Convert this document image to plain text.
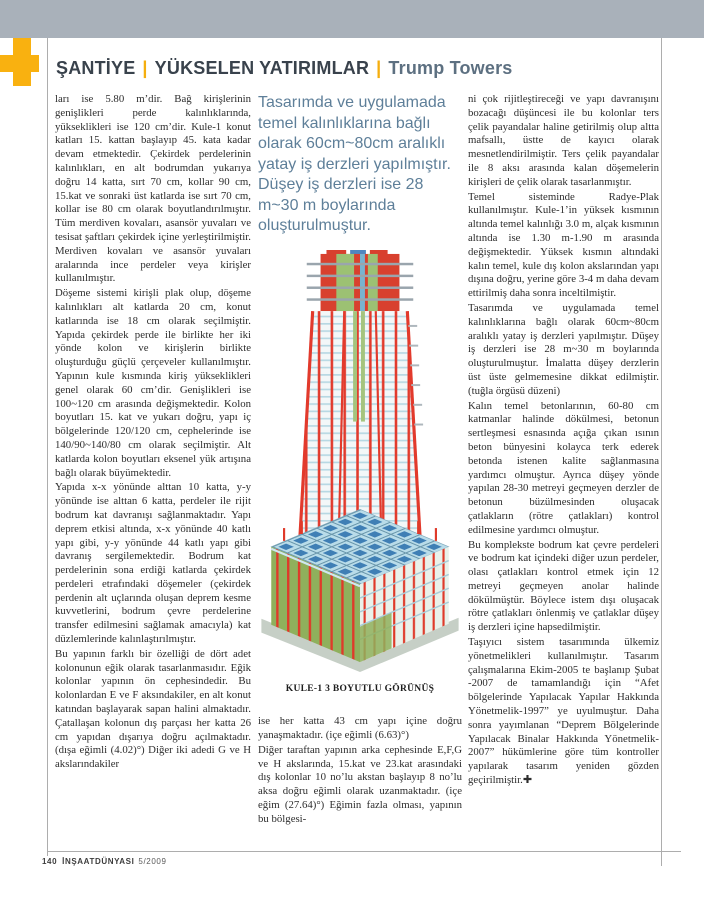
ŞANTİYE | YÜKSELEN YATIRIMLAR | Trump Towers

ları ise 5.80 m’dir. Bağ kirişlerinin genişlikleri perde kalınlıklarında, yükseklikleri ise 120 cm’dir. Kule-1 konut katları 15. kattan başlayıp 45. kata kadar devam etmektedir. Çekirdek perdelerinin kalınlıkları, en alt bodrumdan yukarıya doğru 14 katta, sırt 70 cm, kollar 90 cm, 15.kat ve sonraki üst katlarda ise sırt 70 cm, kollar ise 80 cm olarak boyutlandırılmıştır. Tüm merdiven kovaları, asansör yuvaları ve tesisat şaftları çekirdek içine yerleştirilmiştir. Merdiven kovaları ve asansör yuvaları aralarında ince perdeler veya kirişler kullanılmıştır.

Döşeme sistemi kirişli plak olup, döşeme kalınlıkları alt katlarda 20 cm, konut katlarında ise 18 cm olarak seçilmiştir. Yapıda çekirdek perde ile birlikte her iki yönde kolon ve kirişlerin birlikte oluşturduğu güçlü çerçeveler kullanılmıştır. Yapının kule kısmında kiriş yükseklikleri genel olarak 60 cm’dir. Genişlikleri ise 100~120 cm arasında değişmektedir. Kolon boyutları 15. kat ve yukarı doğru, yapı iç bölgelerinde 120/120 cm, cephelerinde ise 140/90~140/80 cm olarak seçilmiştir. Alt katlarda kolon boyutları eksenel yük artışına bağlı olarak büyümektedir.

Yapıda x-x yönünde alttan 10 katta, y-y yönünde ise alttan 6 katta, perdeler ile rijit bodrum kat davranışı sağlanmaktadır. Yapı deprem etkisi altında, x-x yönünde 40 katlı yapı gibi, y-y yönünde 44 katlı yapı gibi davranış sergilemektedir. Bodrum kat perdelerinin sona erdiği katlarda çekirdek perdeleri etrafındaki döşemeler (çekirdek perdenin alt uçlarında oluşan deprem kesme kuvvetlerini, bodrum çevre perdelerine transfer edilmesini sağlamak amacıyla) kat düzlemlerinde kalınlaştırılmıştır.

Bu yapının farklı bir özelliği de dört adet kolonunun eğik olarak tasarlanmasıdır. Eğik kolonlar yapının ön cephesindedir. Bu kolonlardan E ve F aksındakiler, en alt konut katından başlayarak sapan halini almaktadır. Çatallaşan kolonun dış parçası her katta 26 cm yapıdan dışarıya doğru açılmaktadır. (dışa eğimli (4.02)°) Diğer iki adedi G ve H akslarındakiler

Tasarımda ve uygulamada temel kalınlıklarına bağlı olarak 60cm~80cm aralıklı yatay iş derzleri yapılmıştır. Düşey iş derzleri ise 28 m~30 m boylarında oluşturulmuştur.
KULE-1 3 BOYUTLU GÖRÜNÜŞ

ise her katta 43 cm yapı içine doğru yanaşmaktadır. (içe eğimli (6.63)°)

Diğer taraftan yapının arka cephesinde E,F,G ve H akslarında, 15.kat ve 23.kat arasındaki dış kolonlar 10 no’lu akstan başlayıp 8 no’lu aksa doğru eğimli olarak uzanmaktadır. (içe eğim (27.64)°) Eğimin fazla olması, yapının bu bölgesi-

ni çok rijitleştireceği ve yapı davranışını bozacağı düşüncesi ile bu kolonlar ters çelik payandalar haline getirilmiş olup altta mafsallı, üstte de kayıcı olarak mesnetlendirilmiştir. Ters çelik payandalar ile 8 aksı arasında kalan döşemelerin kirişleri de çelik olarak tasarlanmıştır.

Temel sisteminde Radye-Plak kullanılmıştır. Kule-1’in yüksek kısmının altında temel kalınlığı 3.0 m, alçak kısmının altında ise 1.30 m-1.90 m arasında değişmektedir. Yüksek kısmın altındaki kalın temel, kule dış kolon akslarından yapı dışına doğru, yerine göre 3-4 m daha devam ettirilmiş daha sonra inceltilmiştir.

Tasarımda ve uygulamada temel kalınlıklarına bağlı olarak 60cm~80cm aralıklı yatay iş derzleri yapılmıştır. Düşey iş derzleri ise 28 m~30 m boylarında oluşturulmuştur. İmalatta düşey derzlerin üst üste gelmemesine dikkat edilmiştir. (tuğla örgüsü düzeni)

Kalın temel betonlarının, 60-80 cm katmanlar halinde dökülmesi, betonun sertleşmesi esnasında açığa çıkan ısının beton bünyesini kolayca terk ederek betonda istenen kalite sağlanmasına yardımcı olmuştur. Ayrıca düşey yönde yapılan 28-30 metreyi geçmeyen derzler de betonun büzülmesinden oluşacak çatlakların (rötre çatlakları) kontrol edilmesine yardımcı olmuştur.

Bu komplekste bodrum kat çevre perdeleri ve bodrum kat içindeki diğer uzun perdeler, olası çatlakları kontrol etmek için 12 metreyi geçmeyen anolar halinde dökülmüştür. Böylece istem dışı oluşacak rötre çatlakları önlenmiş ve çatlaklar düşey iş derzleri içine hapsedilmiştir.

Taşıyıcı sistem tasarımında ülkemiz yönetmelikleri kullanılmıştır. Tasarım çalışmalarına Ekim-2005 te başlanıp Şubat -2007 de tamamlandığı için “Afet bölgelerinde Yapılacak Yapılar Hakkında Yönetmelik-1997” ye uyulmuştur. Daha sonra yayımlanan “Deprem Bölgelerinde Yapılacak Binalar Hakkında Yönetmelik-2007” hükümlerine göre tüm kontroller yapılarak tasarım yeniden gözden geçirilmiştir.✚

140 İNŞAATDÜNYASI 5/2009
